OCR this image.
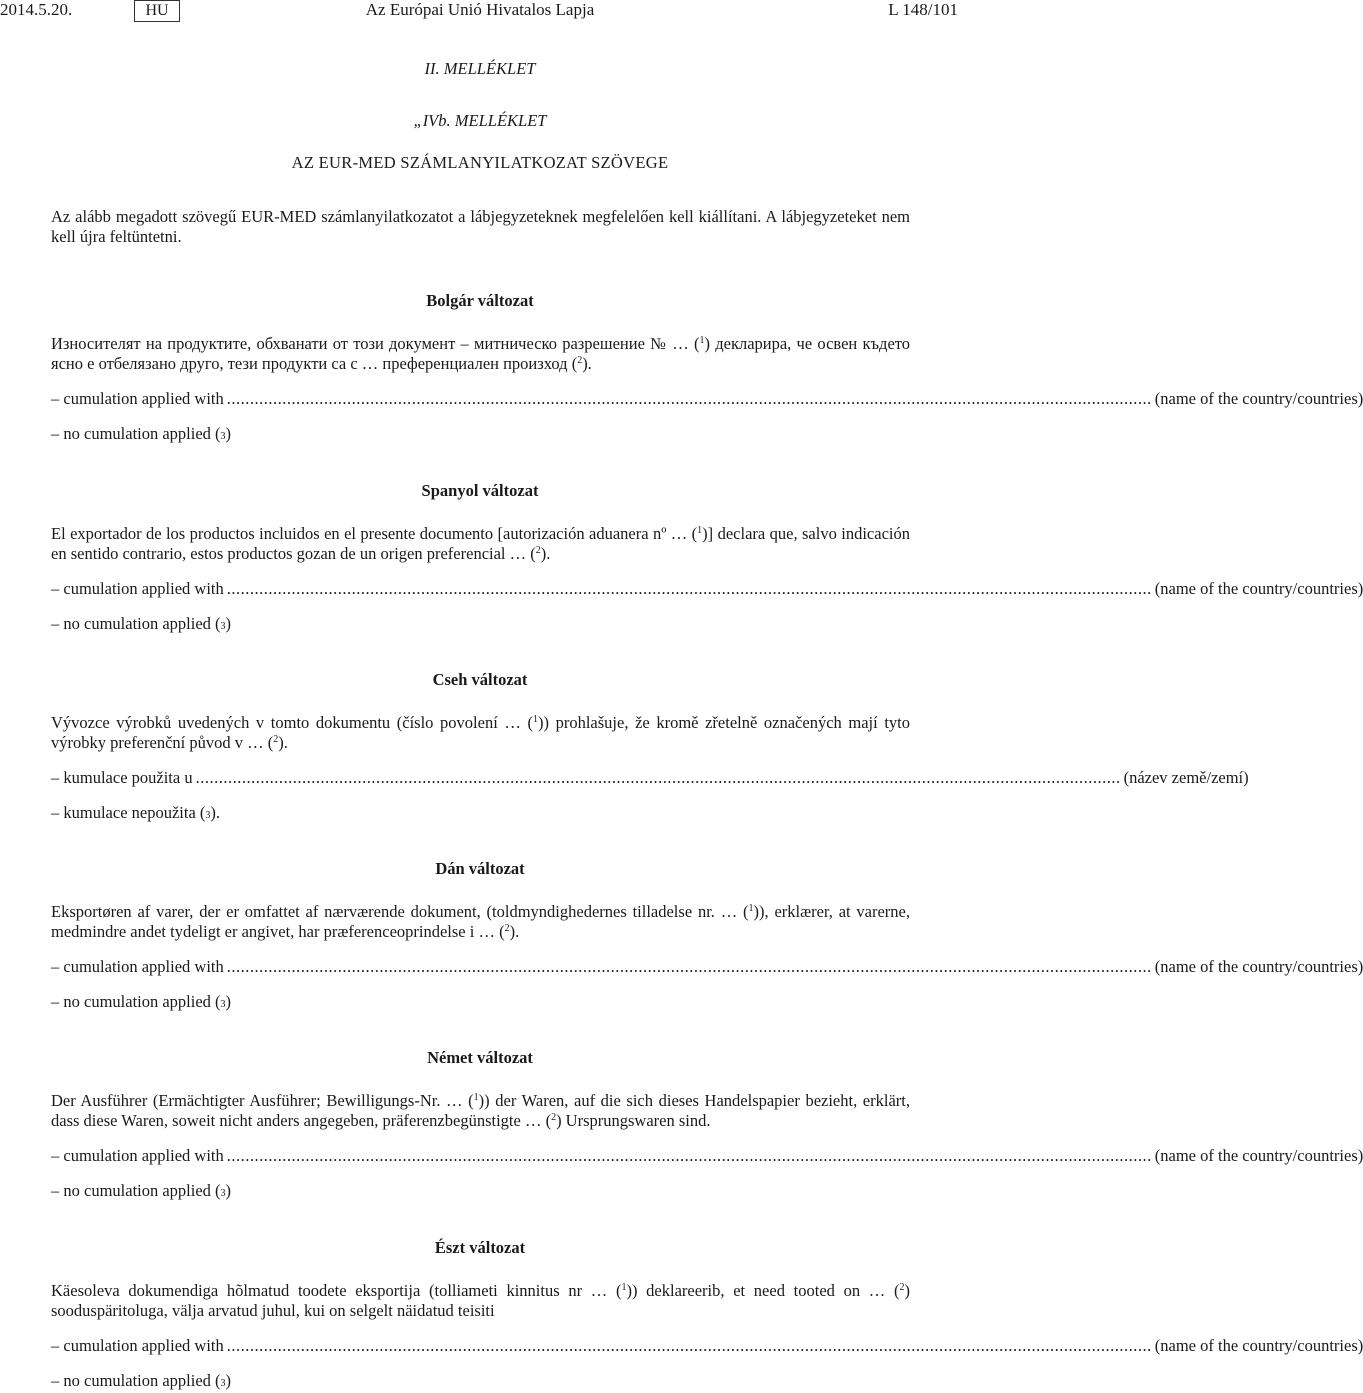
2014.5.20.	HU	Az Európai Unió Hivatalos Lapja	L 148/101
II. MELLÉKLET
„IVb. MELLÉKLET
AZ EUR-MED SZÁMLANYILATKOZAT SZÖVEGE
Az alább megadott szövegű EUR-MED számlanyilatkozatot a lábjegyzeteknek megfelelően kell kiállítani. A lábjegyzeteket nem kell újra feltüntetni.
Bolgár változat
Износителят на продуктите, обхванати от този документ – митническо разрешение № … ($^1$) декларира, че освен където ясно е отбелязано друго, тези продукти са с … преференциален произход ($^2$).
– cumulation applied with ........................................................................................................................................................................................................ (name of the country/countries)
– no cumulation applied ( 3 )
Spanyol változat
El exportador de los productos incluidos en el presente documento [autorización aduanera nº … ($^1$)] declara que, salvo indicación en sentido contrario, estos productos gozan de un origen preferencial … ($^2$).
– cumulation applied with ........................................................................................................................................................................................................ (name of the country/countries)
– no cumulation applied ( 3 )
Cseh változat
Vývozce výrobků uvedených v tomto dokumentu (číslo povolení … ($^1$)) prohlašuje, že kromě zřetelně označených mají tyto výrobky preferenční původ v … ($^2$).
– kumulace použita u ........................................................................................................................................................................................................ (název země/zemí)
– kumulace nepoužita ( 3 ).
Dán változat
Eksportøren af varer, der er omfattet af nærværende dokument, (toldmyndighedernes tilladelse nr. … ($^1$)), erklærer, at varerne, medmindre andet tydeligt er angivet, har præferenceoprindelse i … ($^2$).
– cumulation applied with ........................................................................................................................................................................................................ (name of the country/countries)
– no cumulation applied ( 3 )
Német változat
Der Ausführer (Ermächtigter Ausführer; Bewilligungs-Nr. … ($^1$)) der Waren, auf die sich dieses Handelspapier bezieht, erklärt, dass diese Waren, soweit nicht anders angegeben, präferenzbegünstigte … ($^2$) Ursprungswaren sind.
– cumulation applied with ........................................................................................................................................................................................................ (name of the country/countries)
– no cumulation applied ( 3 )
Észt változat
Käesoleva dokumendiga hõlmatud toodete eksportija (tolliameti kinnitus nr … ($^1$)) deklareerib, et need tooted on … ($^2$) sooduspäritoluga, välja arvatud juhul, kui on selgelt näidatud teisiti
– cumulation applied with ........................................................................................................................................................................................................ (name of the country/countries)
– no cumulation applied ( 3 )
